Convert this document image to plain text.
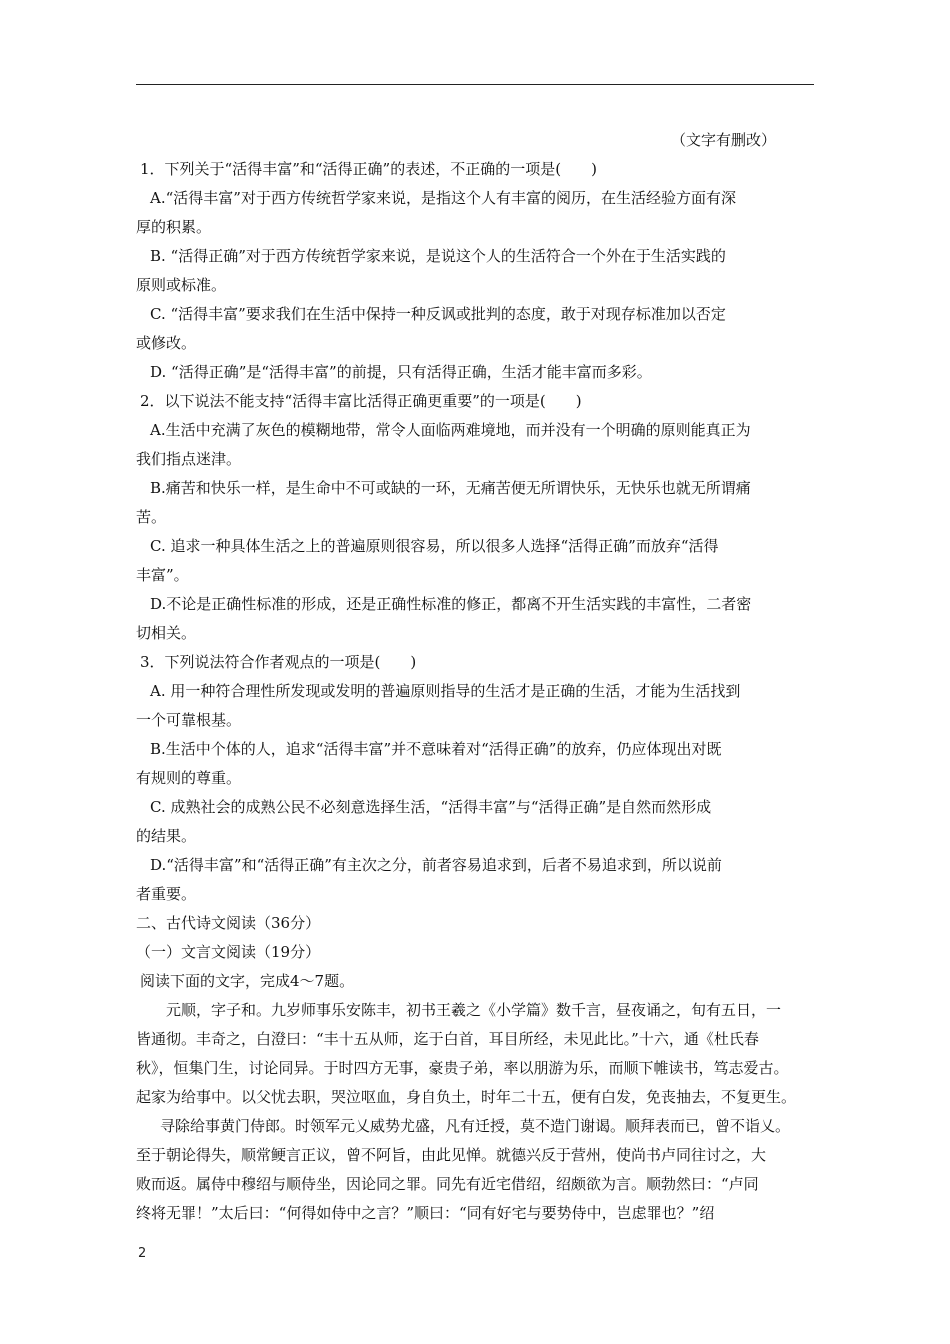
（文字有删改）

1．下列关于“活得丰富”和“活得正确”的表述，不正确的一项是(　　)

A.“活得丰富”对于西方传统哲学家来说，是指这个人有丰富的阅历，在生活经验方面有深
厚的积累。

B. “活得正确”对于西方传统哲学家来说，是说这个人的生活符合一个外在于生活实践的
原则或标准。

C. “活得丰富”要求我们在生活中保持一种反讽或批判的态度，敢于对现存标准加以否定
或修改。

D. “活得正确”是“活得丰富”的前提，只有活得正确，生活才能丰富而多彩。

2．以下说法不能支持“活得丰富比活得正确更重要”的一项是(　　)

A.生活中充满了灰色的模糊地带，常令人面临两难境地，而并没有一个明确的原则能真正为
我们指点迷津。

B.痛苦和快乐一样，是生命中不可或缺的一环，无痛苦便无所谓快乐，无快乐也就无所谓痛
苦。

C. 追求一种具体生活之上的普遍原则很容易，所以很多人选择“活得正确”而放弃“活得
丰富”。

D.不论是正确性标准的形成，还是正确性标准的修正，都离不开生活实践的丰富性，二者密
切相关。

3．下列说法符合作者观点的一项是(　　)

A. 用一种符合理性所发现或发明的普遍原则指导的生活才是正确的生活，才能为生活找到
一个可靠根基。

B.生活中个体的人，追求“活得丰富”并不意味着对“活得正确”的放弃，仍应体现出对既
有规则的尊重。

C. 成熟社会的成熟公民不必刻意选择生活，“活得丰富”与“活得正确”是自然而然形成
的结果。

D.“活得丰富”和“活得正确”有主次之分，前者容易追求到，后者不易追求到，所以说前
者重要。

二、古代诗文阅读（36分）

（一）文言文阅读（19分）

阅读下面的文字，完成4～7题。

元顺，字子和。九岁师事乐安陈丰，初书王羲之《小学篇》数千言，昼夜诵之，旬有五日，一

皆通彻。丰奇之，白澄曰：“丰十五从师，迄于白首，耳目所经，未见此比。”十六，通《杜氏春

秋》，恒集门生，讨论同异。于时四方无事，豪贵子弟，率以朋游为乐，而顺下帷读书，笃志爱古。

起家为给事中。以父忧去职，哭泣呕血，身自负土，时年二十五，便有白发，免丧抽去，不复更生。

寻除给事黄门侍郎。时领军元乂威势尤盛，凡有迁授，莫不造门谢谒。顺拜表而已，曾不诣乂。

至于朝论得失，顺常鲠言正议，曾不阿旨，由此见惮。就德兴反于营州，使尚书卢同往讨之，大

败而返。属侍中穆绍与顺侍坐，因论同之罪。同先有近宅借绍，绍颇欲为言。顺勃然曰：“卢同

终将无罪！”太后曰：“何得如侍中之言？”顺曰：“同有好宅与要势侍中，岂虑罪也？”绍

2
